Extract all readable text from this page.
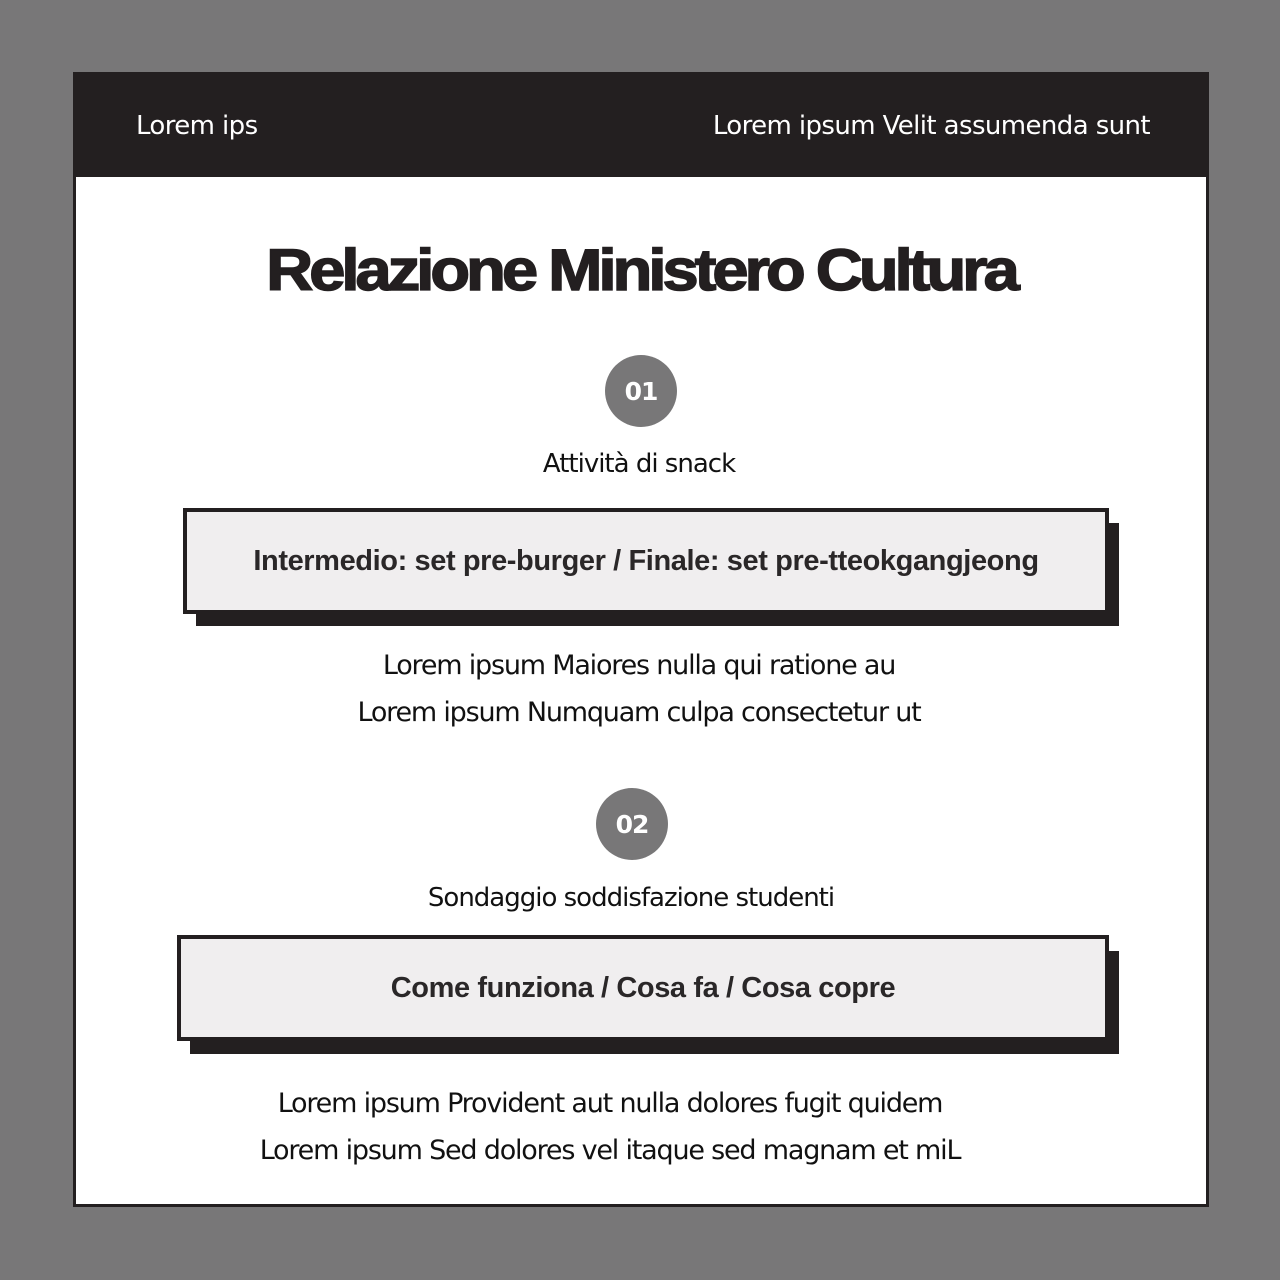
Lorem ips	Lorem ipsum Velit assumenda sunt
Relazione Ministero Cultura
01
Attività di snack
Intermedio: set pre-burger / Finale: set pre-tteokgangjeong
Lorem ipsum Maiores nulla qui ratione au
Lorem ipsum Numquam culpa consectetur ut
02
Sondaggio soddisfazione studenti
Come funziona / Cosa fa / Cosa copre
Lorem ipsum Provident aut nulla dolores fugit quidem
Lorem ipsum Sed dolores vel itaque sed magnam et miL
